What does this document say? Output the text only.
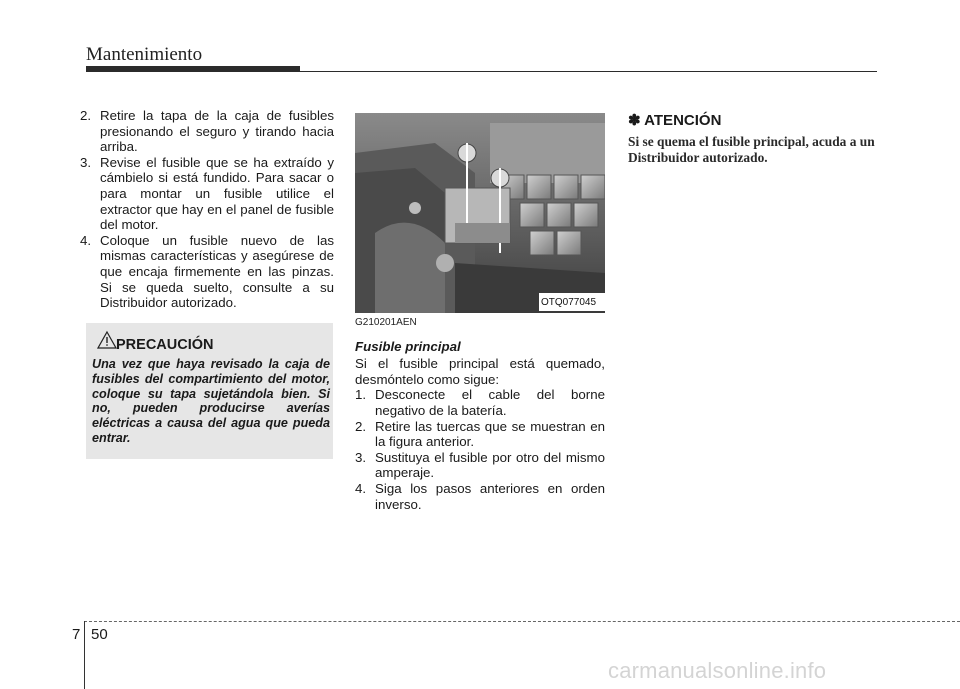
Mantenimiento
2. Retire la tapa de la caja de fusibles presionando el seguro y tirando hacia arriba.
3. Revise el fusible que se ha extraído y cámbielo si está fundido. Para sacar o para montar un fusible utilice el extractor que hay en el panel de fusible del motor.
4. Coloque un fusible nuevo de las mismas características y asegúrese de que encaja firmemente en las pinzas. Si se queda suelto, consulte a su Distribuidor autorizado.
PRECAUCIÓN
Una vez que haya revisado la caja de fusibles del compartimiento del motor, coloque su tapa sujetándola bien. Si no, pueden producirse averías eléctricas a causa del agua que pueda entrar.
OTQ077045
G210201AEN
Fusible principal

Si el fusible principal está quemado, desmóntelo como sigue:

1. Desconecte el cable del borne negativo de la batería.
2. Retire las tuercas que se muestran en la figura anterior.
3. Sustituya el fusible por otro del mismo amperaje.
4. Siga los pasos anteriores en orden inverso.
✽ ATENCIÓN
Si se quema el fusible principal, acuda a un Distribuidor autorizado.
7 50
carmanualsonline.info
